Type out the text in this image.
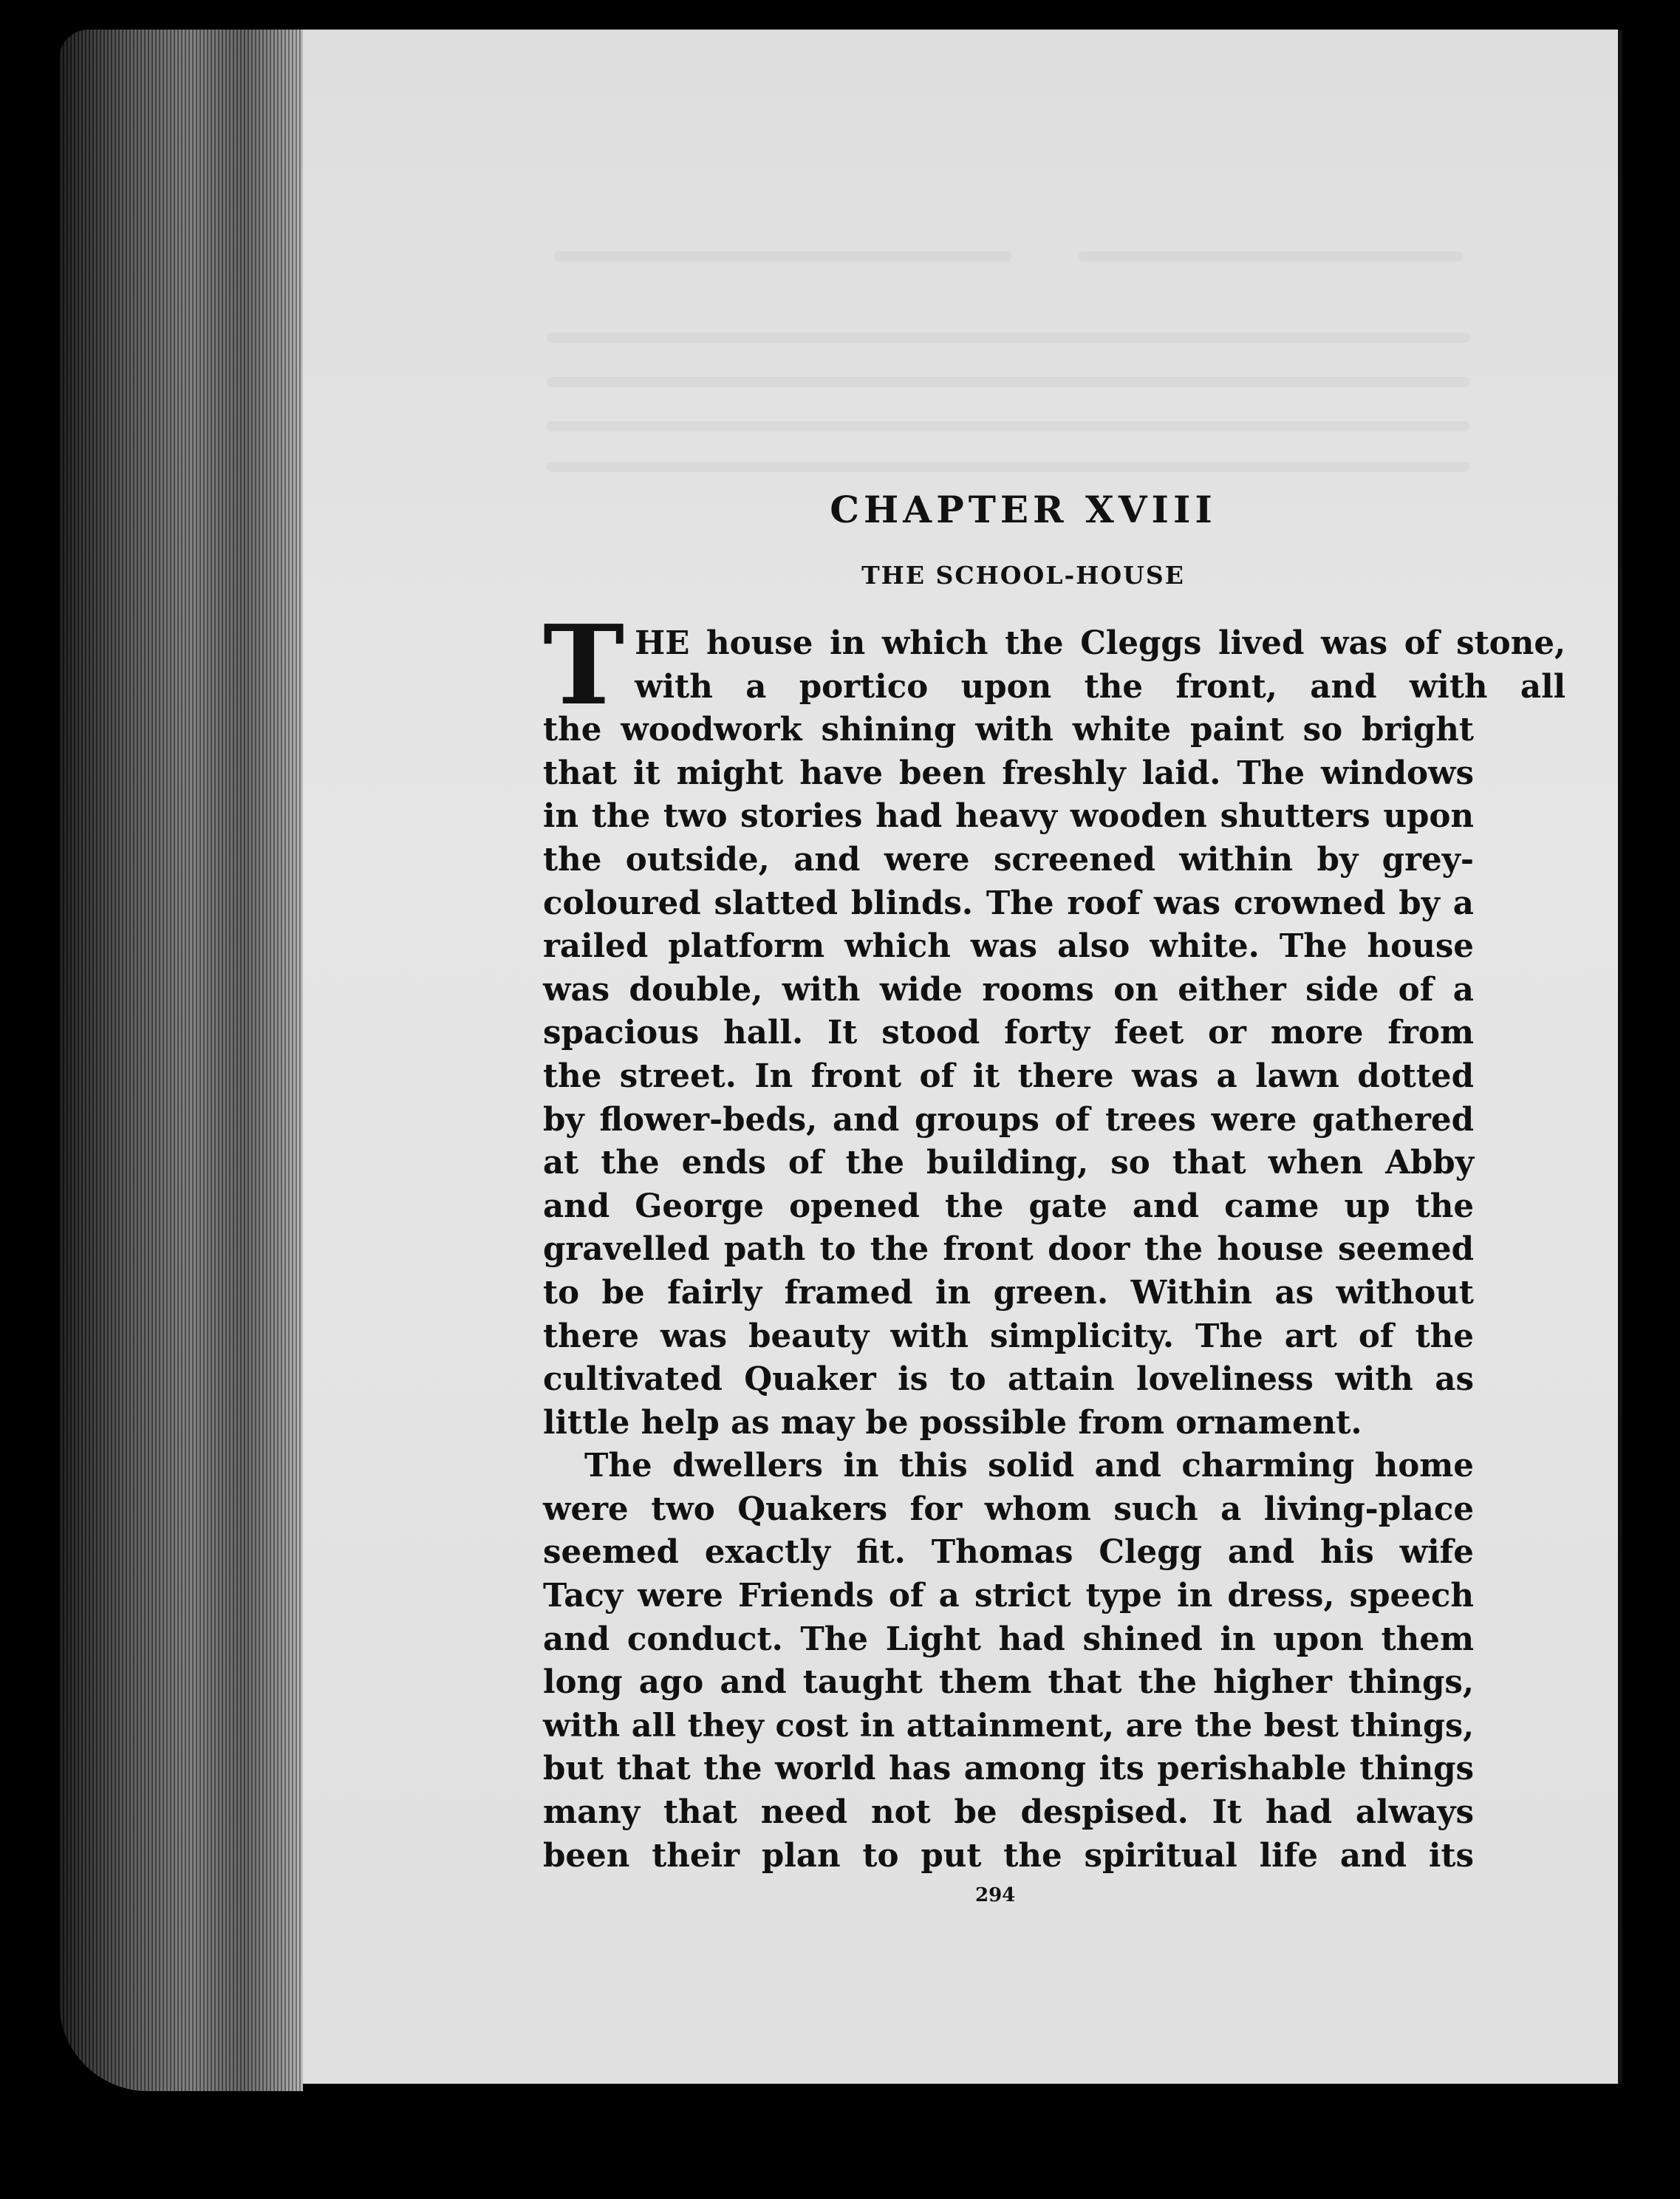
CHAPTER XVIII
THE SCHOOL-HOUSE
T HE house in which the Cleggs lived was of stone,
with a portico upon the front, and with all
the woodwork shining with white paint so bright
that it might have been freshly laid. The windows
in the two stories had heavy wooden shutters upon
the outside, and were screened within by grey-
coloured slatted blinds. The roof was crowned by a
railed platform which was also white. The house
was double, with wide rooms on either side of a
spacious hall. It stood forty feet or more from
the street. In front of it there was a lawn dotted
by flower-beds, and groups of trees were gathered
at the ends of the building, so that when Abby
and George opened the gate and came up the
gravelled path to the front door the house seemed
to be fairly framed in green. Within as without
there was beauty with simplicity. The art of the
cultivated Quaker is to attain loveliness with as
little help as may be possible from ornament.
The dwellers in this solid and charming home
were two Quakers for whom such a living-place
seemed exactly fit. Thomas Clegg and his wife
Tacy were Friends of a strict type in dress, speech
and conduct. The Light had shined in upon them
long ago and taught them that the higher things,
with all they cost in attainment, are the best things,
but that the world has among its perishable things
many that need not be despised. It had always
been their plan to put the spiritual life and its
294
